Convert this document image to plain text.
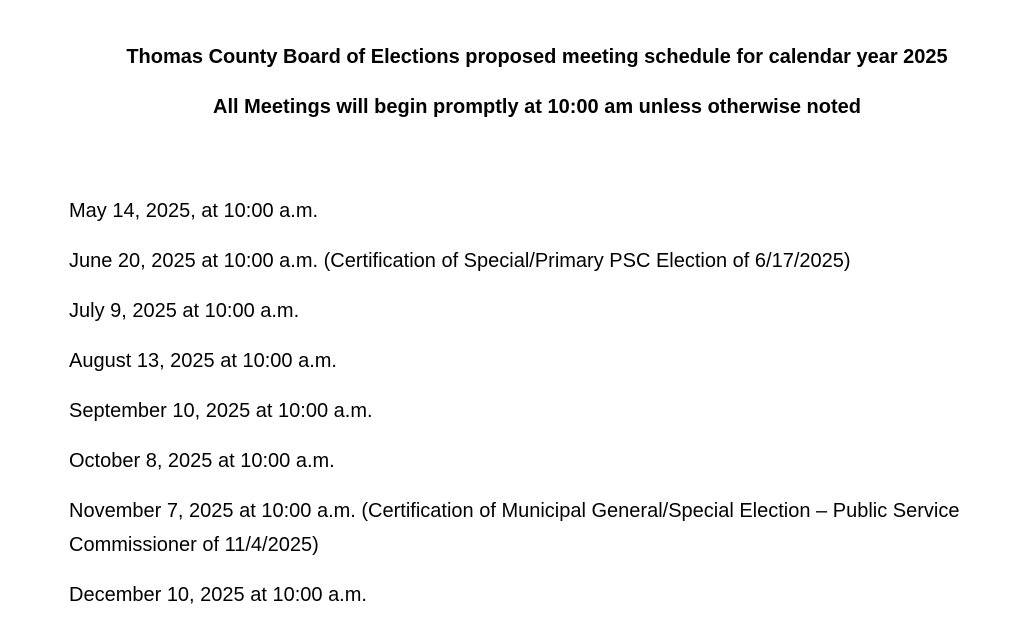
Thomas County Board of Elections proposed meeting schedule for calendar year 2025
All Meetings will begin promptly at 10:00 am unless otherwise noted
May 14, 2025, at 10:00 a.m.
June 20, 2025 at 10:00 a.m. (Certification of Special/Primary PSC Election of 6/17/2025)
July 9, 2025 at 10:00 a.m.
August 13, 2025 at 10:00 a.m.
September 10, 2025 at 10:00 a.m.
October 8, 2025 at 10:00 a.m.
November 7, 2025 at 10:00 a.m. (Certification of Municipal General/Special Election – Public Service Commissioner of 11/4/2025)
December 10, 2025 at 10:00 a.m.
